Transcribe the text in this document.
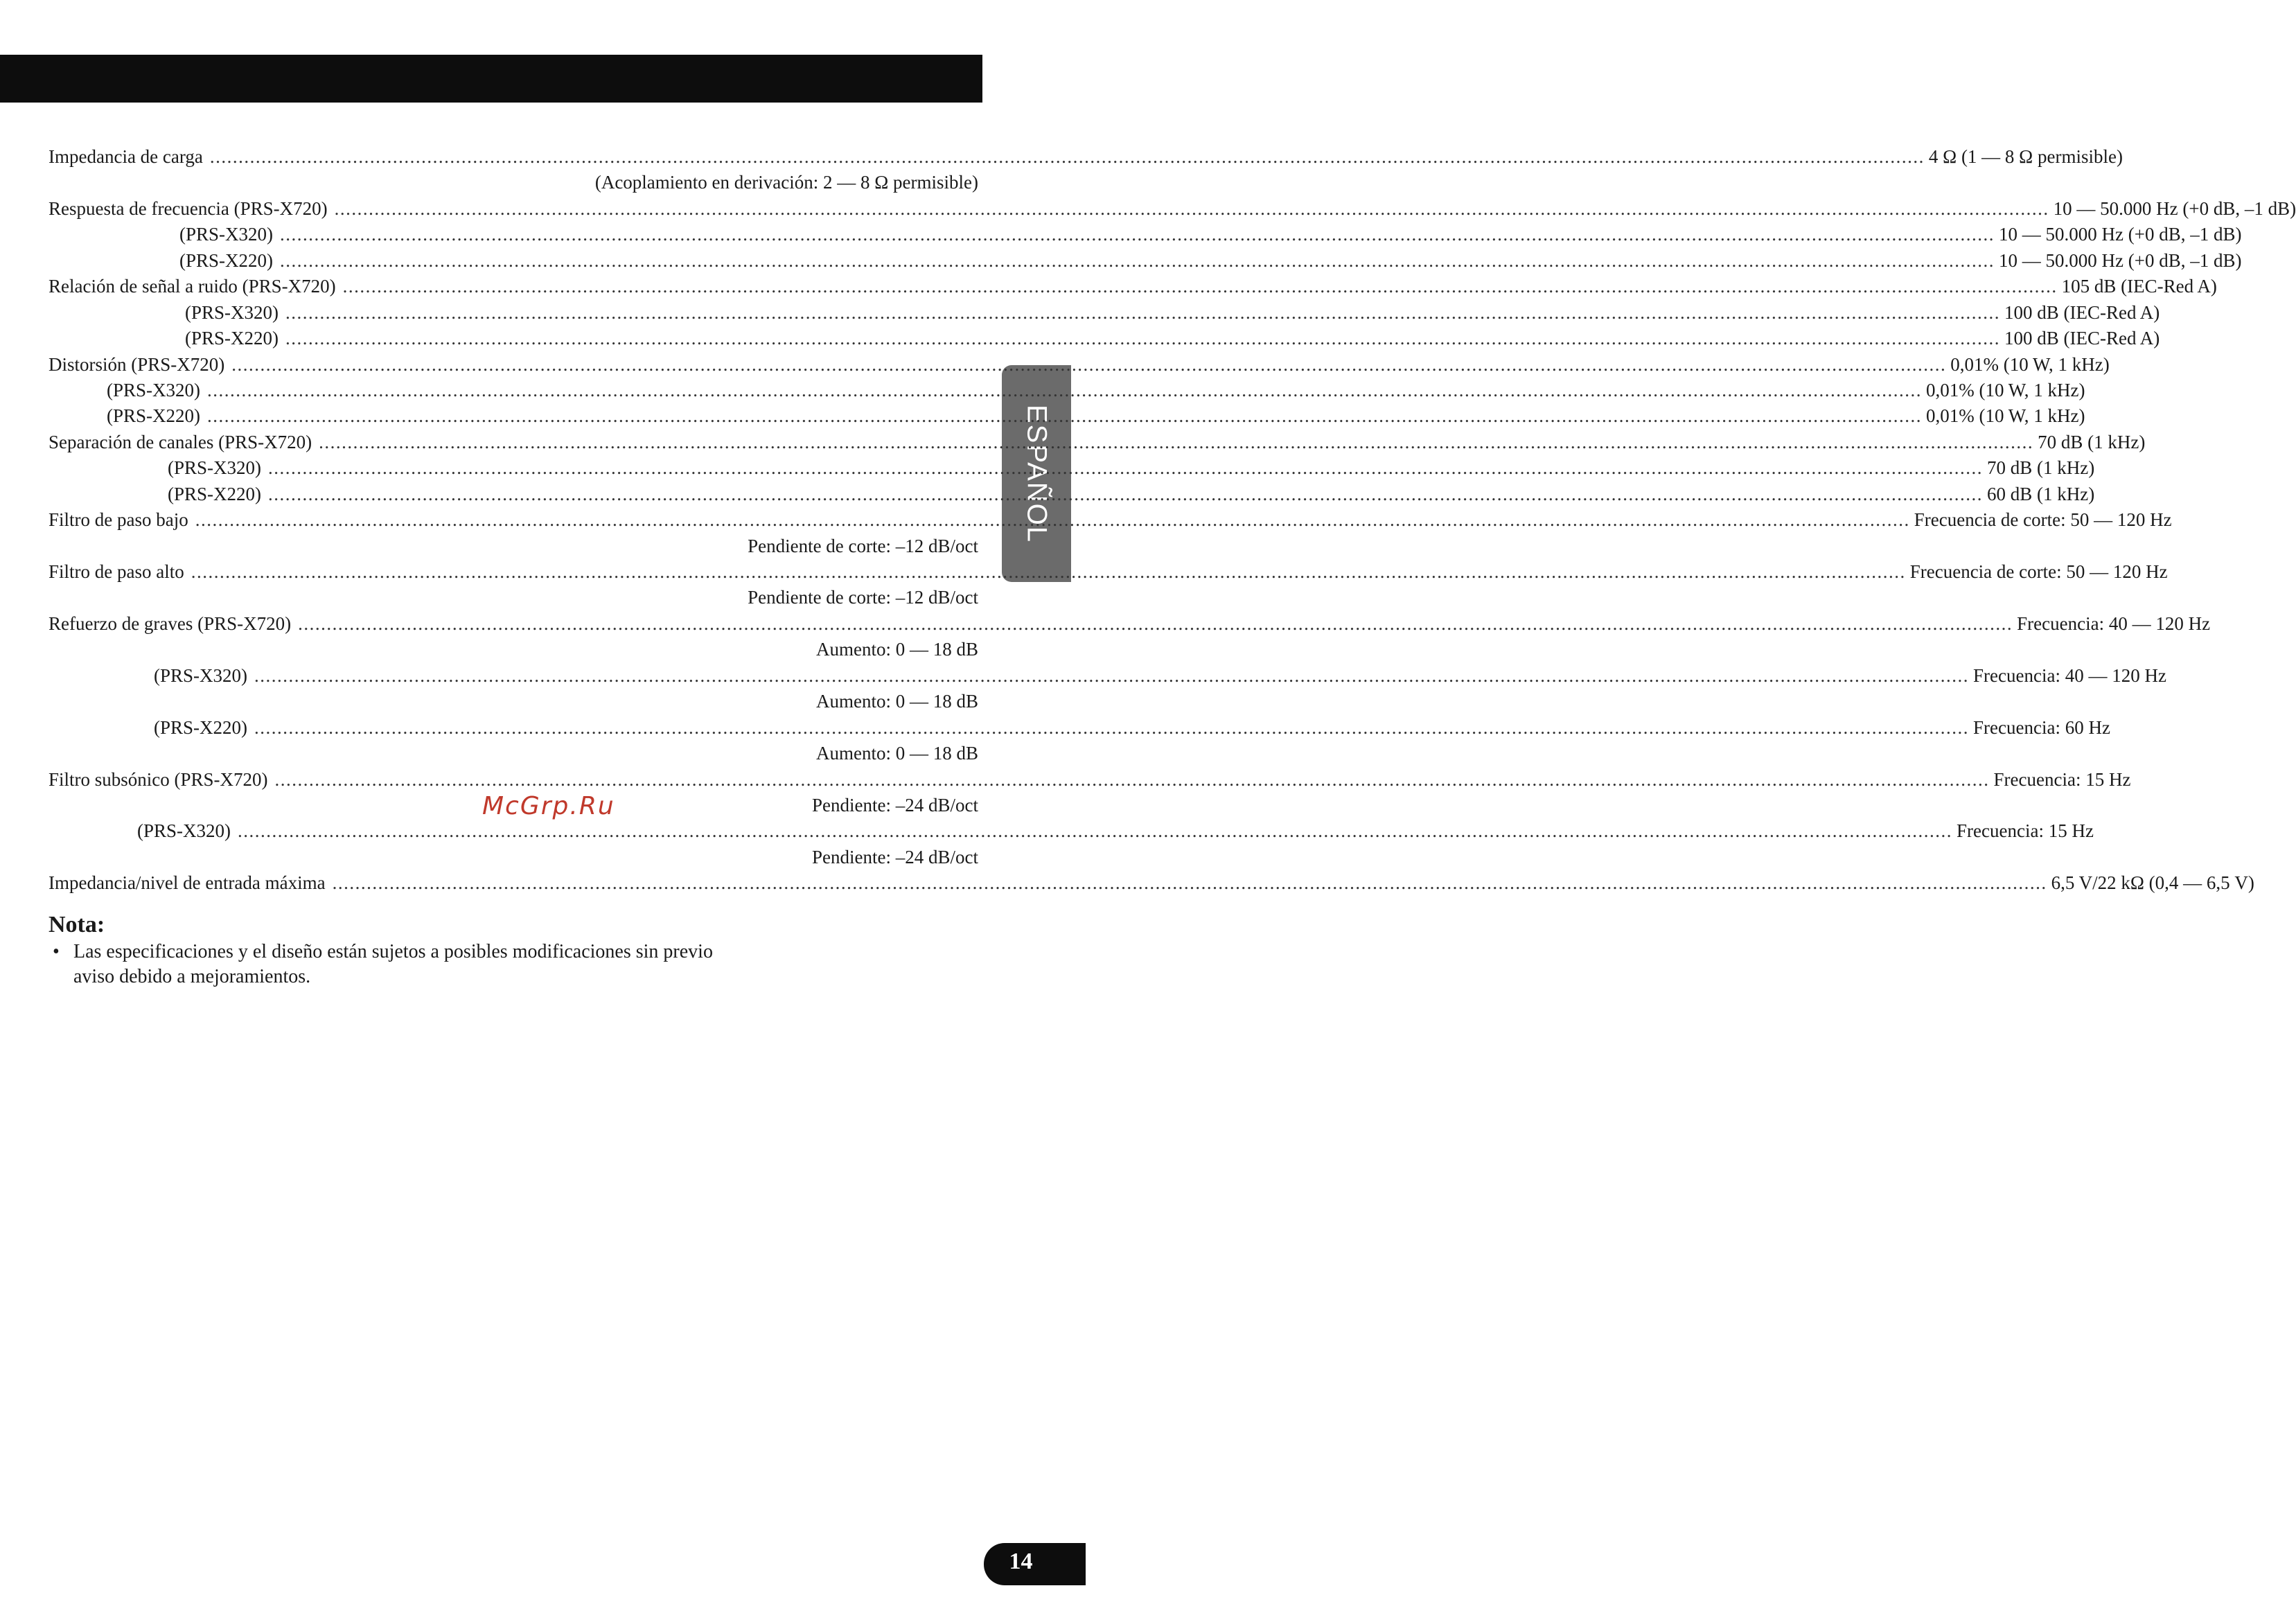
ESPAÑOL
Impedancia de carga ............................................................................................................................................................................................................................................................................................................ 4 Ω (1 — 8 Ω permisible)
(Acoplamiento en derivación: 2 — 8 Ω permisible)
Respuesta de frecuencia (PRS-X720) ............................................................................................................................................................................................................................................................................................................ 10 — 50.000 Hz (+0 dB, –1 dB)
(PRS-X320) ............................................................................................................................................................................................................................................................................................................ 10 — 50.000 Hz (+0 dB, –1 dB)
(PRS-X220) ............................................................................................................................................................................................................................................................................................................ 10 — 50.000 Hz (+0 dB, –1 dB)
Relación de señal a ruido (PRS-X720) ............................................................................................................................................................................................................................................................................................................ 105 dB (IEC-Red A)
(PRS-X320) ............................................................................................................................................................................................................................................................................................................ 100 dB (IEC-Red A)
(PRS-X220) ............................................................................................................................................................................................................................................................................................................ 100 dB (IEC-Red A)
Distorsión (PRS-X720) ............................................................................................................................................................................................................................................................................................................ 0,01% (10 W, 1 kHz)
(PRS-X320) ............................................................................................................................................................................................................................................................................................................ 0,01% (10 W, 1 kHz)
(PRS-X220) ............................................................................................................................................................................................................................................................................................................ 0,01% (10 W, 1 kHz)
Separación de canales (PRS-X720) ............................................................................................................................................................................................................................................................................................................ 70 dB (1 kHz)
(PRS-X320) ............................................................................................................................................................................................................................................................................................................ 70 dB (1 kHz)
(PRS-X220) ............................................................................................................................................................................................................................................................................................................ 60 dB (1 kHz)
Filtro de paso bajo ............................................................................................................................................................................................................................................................................................................ Frecuencia de corte: 50 — 120 Hz
Pendiente de corte: –12 dB/oct
Filtro de paso alto ............................................................................................................................................................................................................................................................................................................ Frecuencia de corte: 50 — 120 Hz
Pendiente de corte: –12 dB/oct
Refuerzo de graves (PRS-X720) ............................................................................................................................................................................................................................................................................................................ Frecuencia: 40 — 120 Hz
Aumento: 0 — 18 dB
(PRS-X320) ............................................................................................................................................................................................................................................................................................................ Frecuencia: 40 — 120 Hz
Aumento: 0 — 18 dB
(PRS-X220) ............................................................................................................................................................................................................................................................................................................ Frecuencia: 60 Hz
Aumento: 0 — 18 dB
Filtro subsónico (PRS-X720) ............................................................................................................................................................................................................................................................................................................ Frecuencia: 15 Hz
Pendiente: –24 dB/oct
(PRS-X320) ............................................................................................................................................................................................................................................................................................................ Frecuencia: 15 Hz
Pendiente: –24 dB/oct
Impedancia/nivel de entrada máxima ............................................................................................................................................................................................................................................................................................................ 6,5 V/22 kΩ (0,4 — 6,5 V)
McGrp.Ru
Nota:
• Las especificaciones y el diseño están sujetos a posibles modificaciones sin previo
aviso debido a mejoramientos.
14
